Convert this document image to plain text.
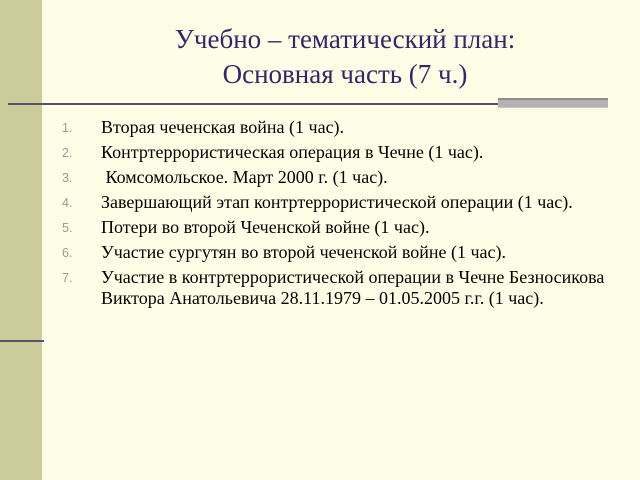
Учебно – тематический план:
Основная часть (7 ч.)
1. Вторая чеченская война (1 час).
2. Контртеррористическая операция в Чечне (1 час).
3. Комсомольское. Март 2000 г. (1 час).
4. Завершающий этап контртеррористической операции (1 час).
5. Потери во второй Чеченской войне (1 час).
6. Участие сургутян во второй чеченской войне (1 час).
7. Участие в контртеррористической операции в Чечне Безносикова Виктора Анатольевича 28.11.1979 – 01.05.2005 г.г. (1 час).
